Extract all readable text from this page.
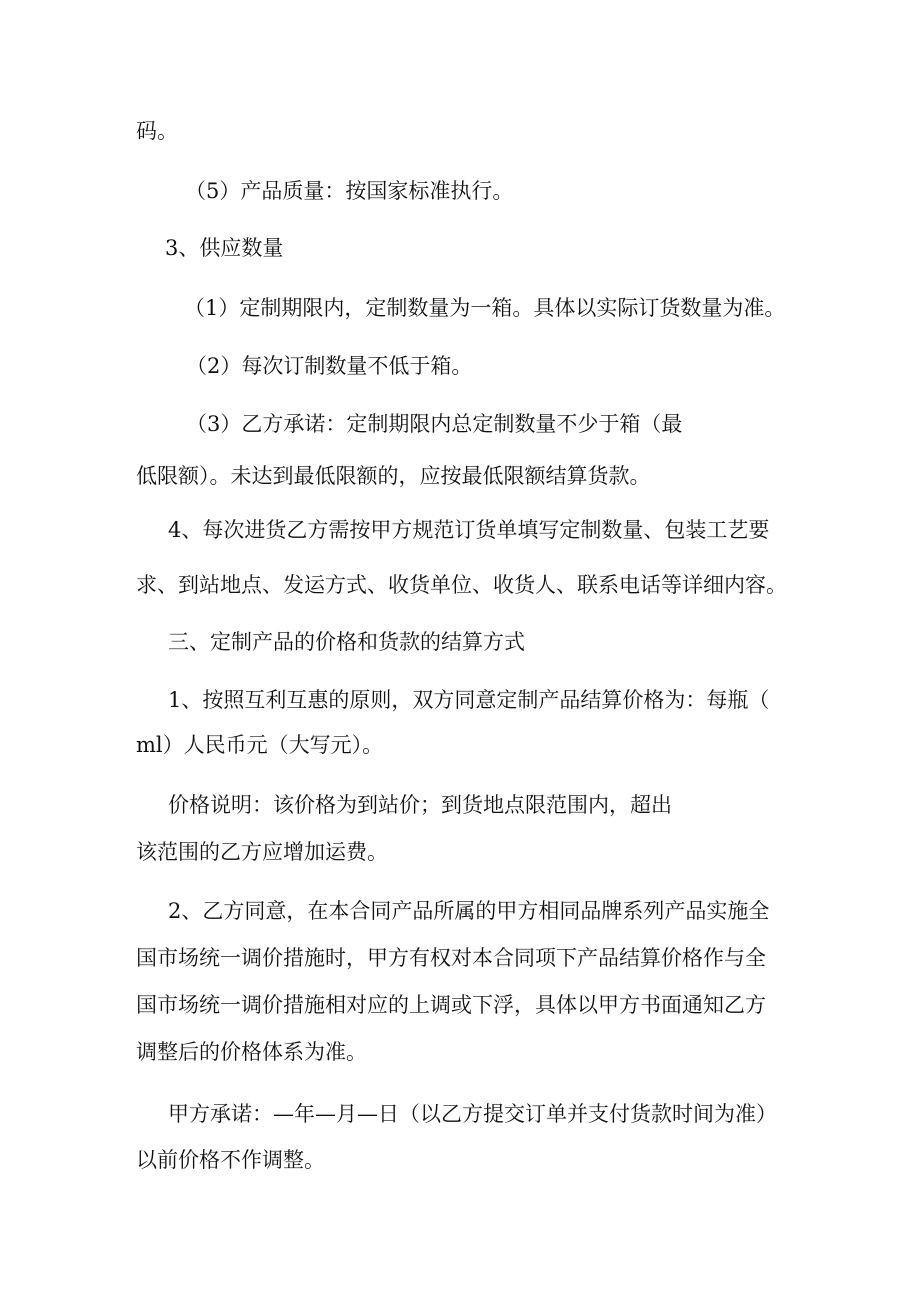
码。
（5）产品质量：按国家标准执行。
3、供应数量
（1）定制期限内，定制数量为一箱。具体以实际订货数量为准。
（2）每次订制数量不低于箱。
（3）乙方承诺：定制期限内总定制数量不少于箱（最
低限额）。未达到最低限额的，应按最低限额结算货款。
4、每次进货乙方需按甲方规范订货单填写定制数量、包装工艺要
求、到站地点、发运方式、收货单位、收货人、联系电话等详细内容。
三、定制产品的价格和货款的结算方式
1、按照互利互惠的原则，双方同意定制产品结算价格为：每瓶（
ml）人民币元（大写元）。
价格说明：该价格为到站价；到货地点限范围内，超出
该范围的乙方应增加运费。
2、乙方同意，在本合同产品所属的甲方相同品牌系列产品实施全
国市场统一调价措施时，甲方有权对本合同项下产品结算价格作与全
国市场统一调价措施相对应的上调或下浮，具体以甲方书面通知乙方
调整后的价格体系为准。
甲方承诺：—年—月—日（以乙方提交订单并支付货款时间为准）
以前价格不作调整。
